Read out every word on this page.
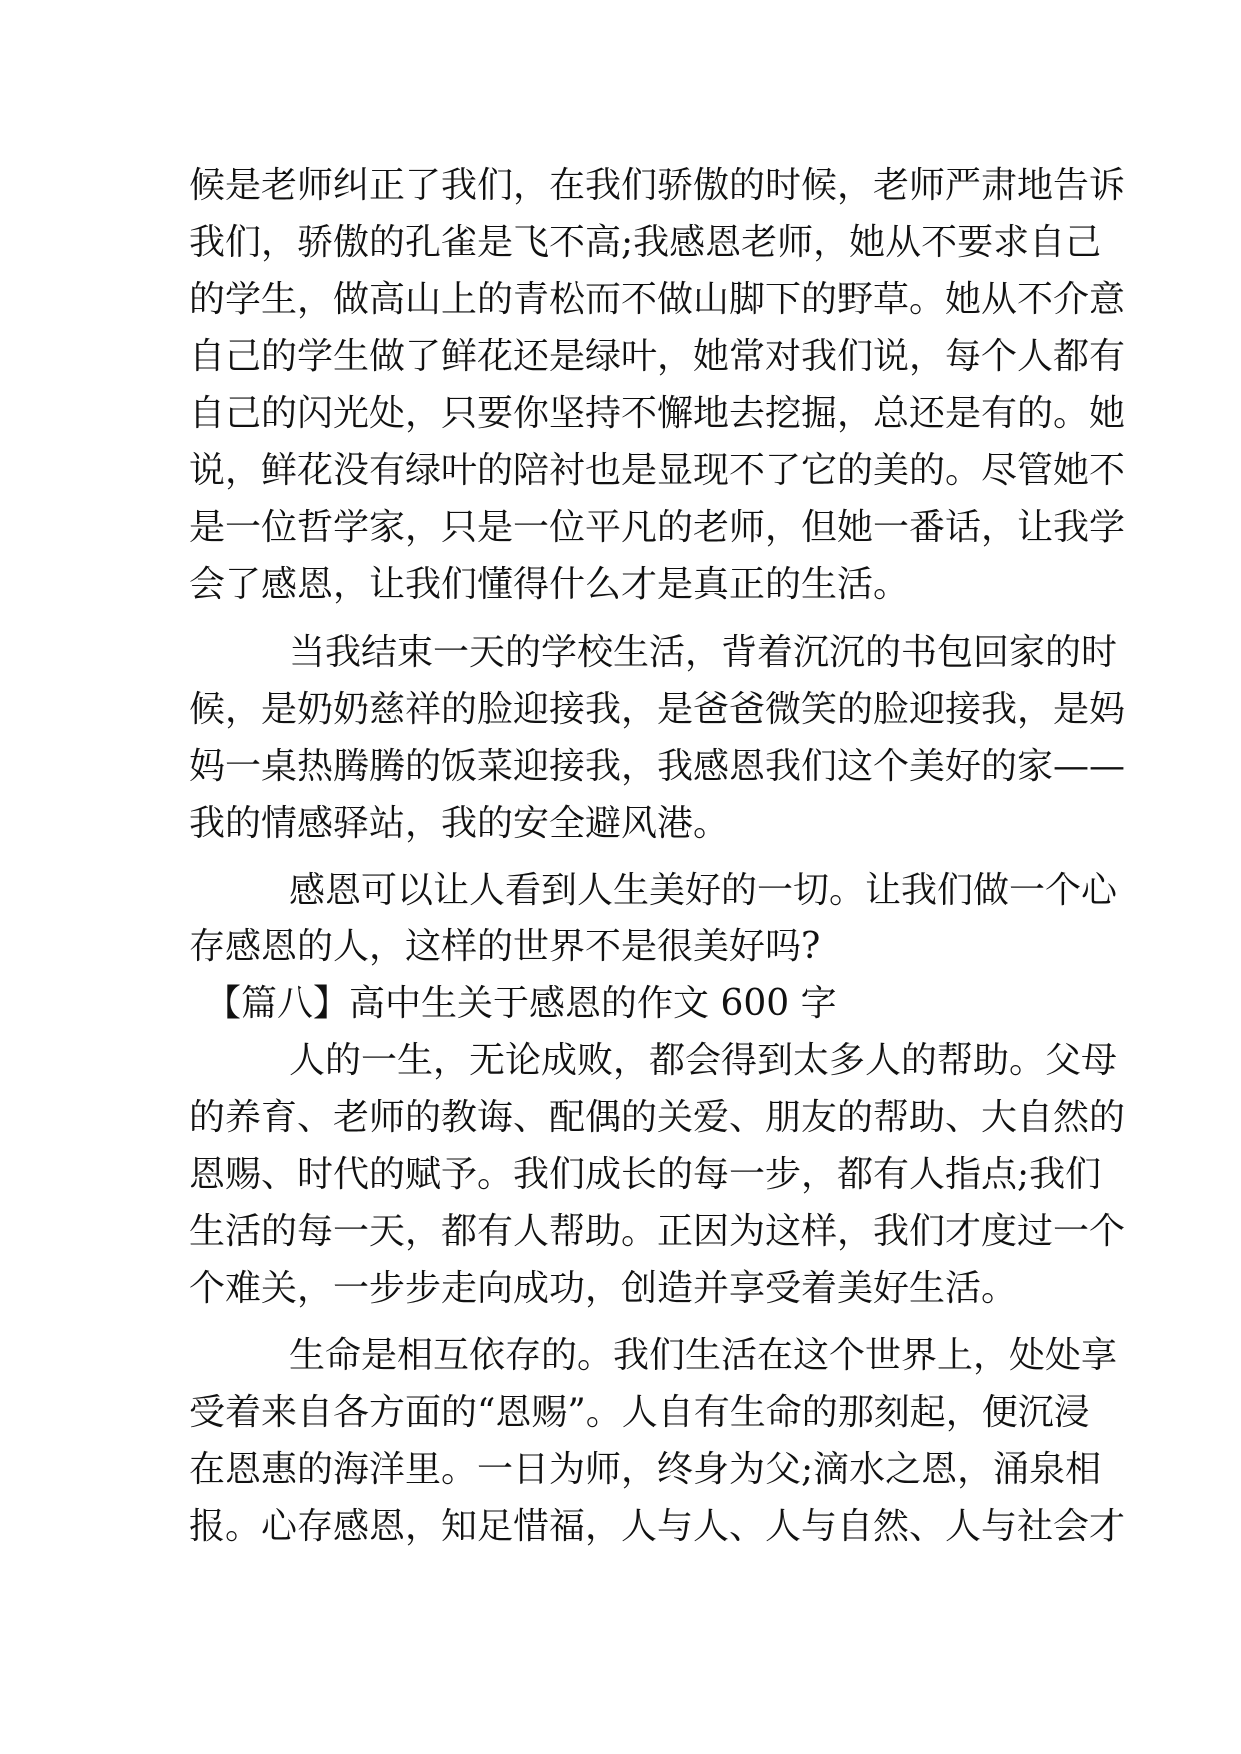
候是老师纠正了我们，在我们骄傲的时候，老师严肃地告诉
我们，骄傲的孔雀是飞不高;我感恩老师，她从不要求自己
的学生，做高山上的青松而不做山脚下的野草。她从不介意
自己的学生做了鲜花还是绿叶，她常对我们说，每个人都有
自己的闪光处，只要你坚持不懈地去挖掘，总还是有的。她
说，鲜花没有绿叶的陪衬也是显现不了它的美的。尽管她不
是一位哲学家，只是一位平凡的老师，但她一番话，让我学
会了感恩，让我们懂得什么才是真正的生活。
当我结束一天的学校生活，背着沉沉的书包回家的时
候，是奶奶慈祥的脸迎接我，是爸爸微笑的脸迎接我，是妈
妈一桌热腾腾的饭菜迎接我，我感恩我们这个美好的家——
我的情感驿站，我的安全避风港。
感恩可以让人看到人生美好的一切。让我们做一个心
存感恩的人，这样的世界不是很美好吗?
【篇八】高中生关于感恩的作文 600 字
人的一生，无论成败，都会得到太多人的帮助。父母
的养育、老师的教诲、配偶的关爱、朋友的帮助、大自然的
恩赐、时代的赋予。我们成长的每一步，都有人指点;我们
生活的每一天，都有人帮助。正因为这样，我们才度过一个
个难关，一步步走向成功，创造并享受着美好生活。
生命是相互依存的。我们生活在这个世界上，处处享
受着来自各方面的“恩赐”。人自有生命的那刻起，便沉浸
在恩惠的海洋里。一日为师，终身为父;滴水之恩，涌泉相
报。心存感恩，知足惜福，人与人、人与自然、人与社会才
